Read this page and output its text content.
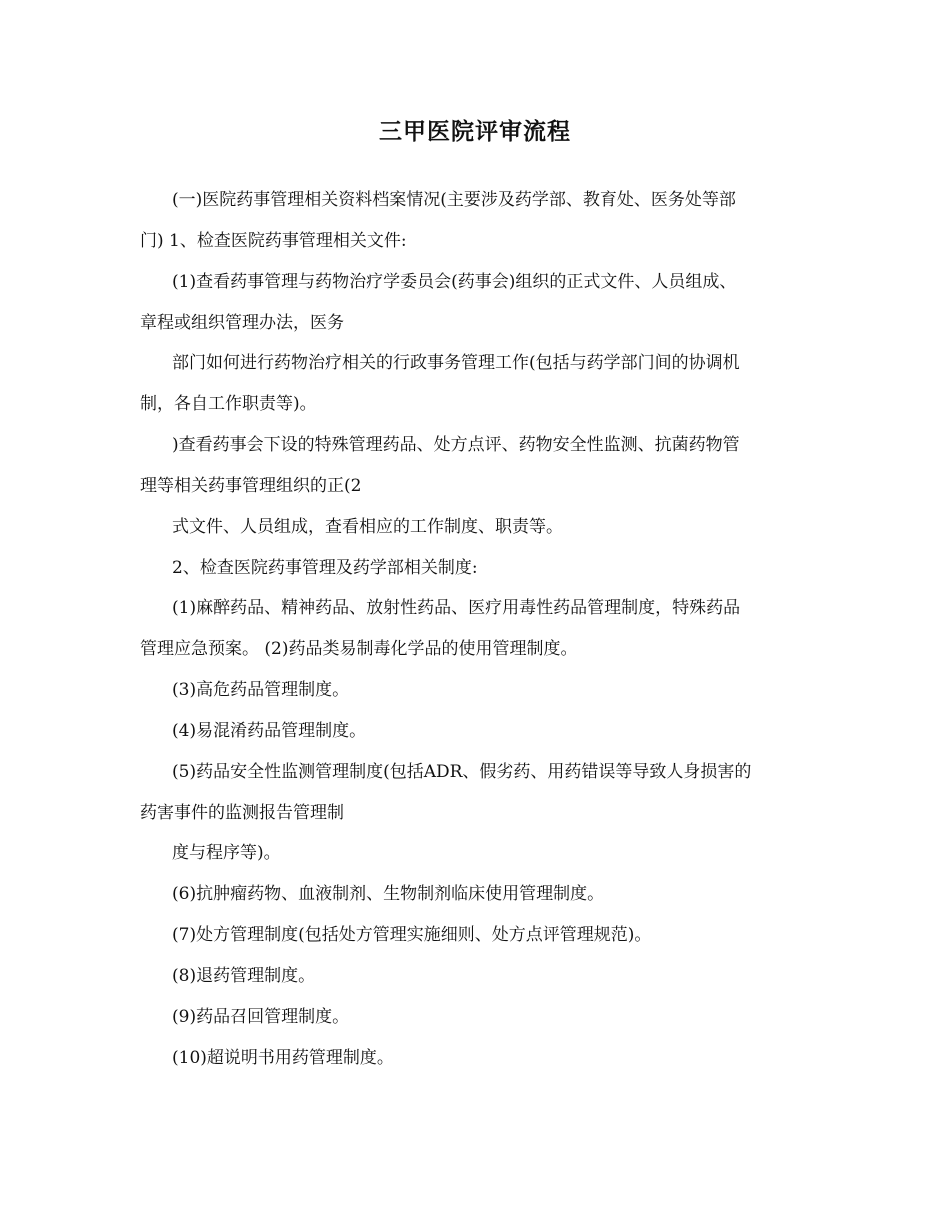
三甲医院评审流程
(一)医院药事管理相关资料档案情况(主要涉及药学部、教育处、医务处等部
门) 1、检查医院药事管理相关文件:
(1)查看药事管理与药物治疗学委员会(药事会)组织的正式文件、人员组成、
章程或组织管理办法，医务
部门如何进行药物治疗相关的行政事务管理工作(包括与药学部门间的协调机
制，各自工作职责等)。
)查看药事会下设的特殊管理药品、处方点评、药物安全性监测、抗菌药物管
理等相关药事管理组织的正(2
式文件、人员组成，查看相应的工作制度、职责等。
2、检查医院药事管理及药学部相关制度:
(1)麻醉药品、精神药品、放射性药品、医疗用毒性药品管理制度，特殊药品
管理应急预案。 (2)药品类易制毒化学品的使用管理制度。
(3)高危药品管理制度。
(4)易混淆药品管理制度。
(5)药品安全性监测管理制度(包括ADR、假劣药、用药错误等导致人身损害的
药害事件的监测报告管理制
度与程序等)。
(6)抗肿瘤药物、血液制剂、生物制剂临床使用管理制度。
(7)处方管理制度(包括处方管理实施细则、处方点评管理规范)。
(8)退药管理制度。
(9)药品召回管理制度。
(10)超说明书用药管理制度。
